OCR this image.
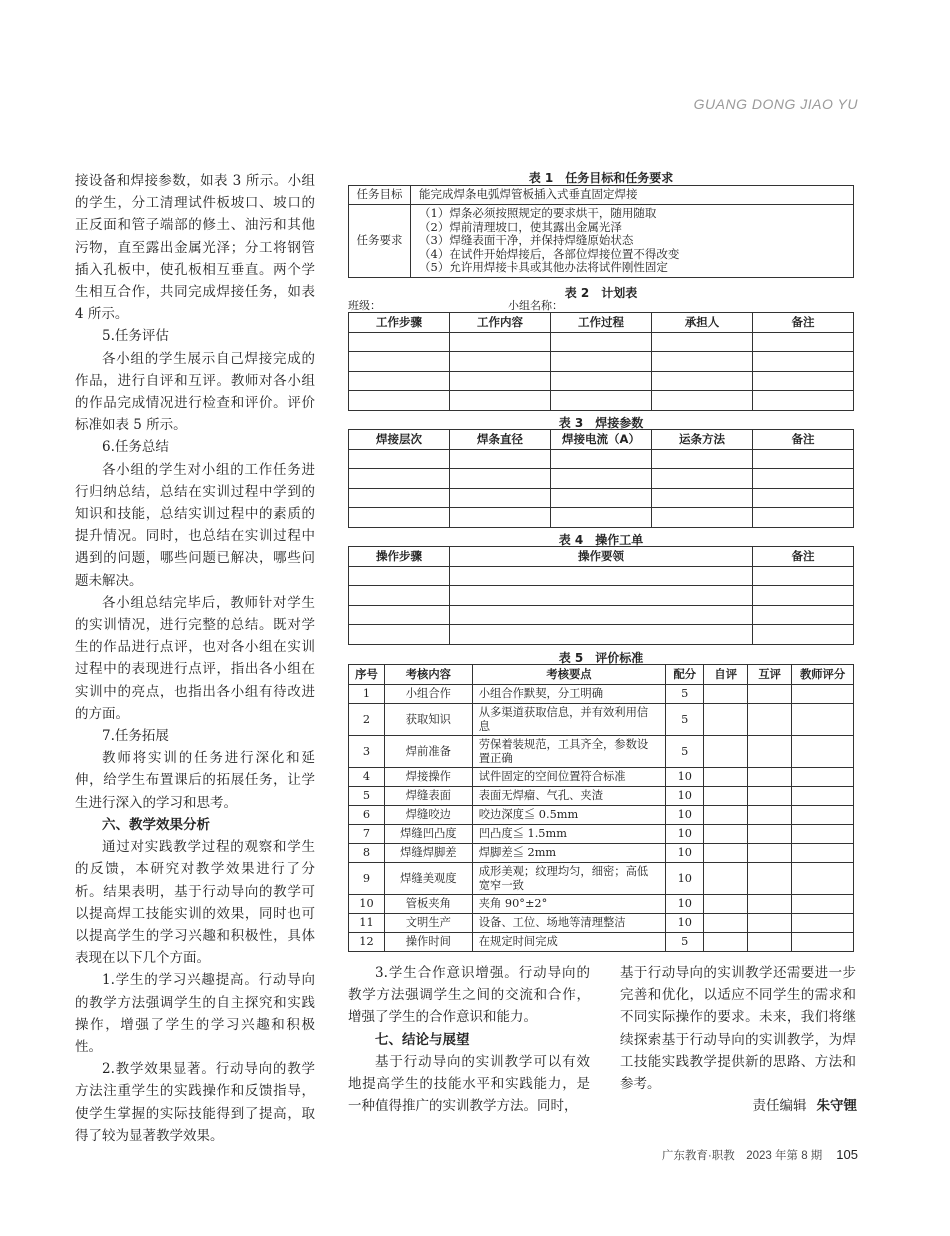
GUANG DONG JIAO YU

接设备和焊接参数，如表 3 所示。小组的学生，分工清理试件板坡口、坡口的正反面和管子端部的修土、油污和其他污物，直至露出金属光泽；分工将钢管插入孔板中，使孔板相互垂直。两个学生相互合作，共同完成焊接任务，如表 4 所示。

5.任务评估

各小组的学生展示自己焊接完成的作品，进行自评和互评。教师对各小组的作品完成情况进行检查和评价。评价标准如表 5 所示。

6.任务总结

各小组的学生对小组的工作任务进行归纳总结，总结在实训过程中学到的知识和技能，总结实训过程中的素质的提升情况。同时，也总结在实训过程中遇到的问题，哪些问题已解决，哪些问题未解决。

各小组总结完毕后，教师针对学生的实训情况，进行完整的总结。既对学生的作品进行点评，也对各小组在实训过程中的表现进行点评，指出各小组在实训中的亮点，也指出各小组有待改进的方面。

7.任务拓展

教师将实训的任务进行深化和延伸，给学生布置课后的拓展任务，让学生进行深入的学习和思考。

六、教学效果分析

通过对实践教学过程的观察和学生的反馈，本研究对教学效果进行了分析。结果表明，基于行动导向的教学可以提高焊工技能实训的效果，同时也可以提高学生的学习兴趣和积极性，具体表现在以下几个方面。

1.学生的学习兴趣提高。行动导向的教学方法强调学生的自主探究和实践操作，增强了学生的学习兴趣和积极性。

2.教学效果显著。行动导向的教学方法注重学生的实践操作和反馈指导，使学生掌握的实际技能得到了提高，取得了较为显著教学效果。

表 1　任务目标和任务要求
任务目标	能完成焊条电弧焊管板插入式垂直固定焊接
任务要求	（1）焊条必须按照规定的要求烘干，随用随取
（2）焊前清理坡口，使其露出金属光泽
（3）焊缝表面干净，并保持焊缝原始状态
（4）在试件开始焊接后，各部位焊接位置不得改变
（5）允许用焊接卡具或其他办法将试件刚性固定
表 2　计划表
班级：	小组名称：
工作步骤	工作内容	工作过程	承担人	备注

表 3　焊接参数
焊接层次	焊条直径	焊接电流（A）	运条方法	备注

表 4　操作工单
操作步骤	操作要领	备注

表 5　评价标准
序号	考核内容	考核要点	配分	自评	互评	教师评分
1	小组合作	小组合作默契，分工明确	5			
2	获取知识	从多渠道获取信息，并有效利用信息	5			
3	焊前准备	劳保着装规范，工具齐全，参数设置正确	5			
4	焊接操作	试件固定的空间位置符合标准	10			
5	焊缝表面	表面无焊瘤、气孔、夹渣	10			
6	焊缝咬边	咬边深度≦ 0.5mm	10			
7	焊缝凹凸度	凹凸度≦ 1.5mm	10			
8	焊缝焊脚差	焊脚差≦ 2mm	10			
9	焊缝美观度	成形美观；纹理均匀，细密；高低宽窄一致	10			
10	管板夹角	夹角 90°±2°	10			
11	文明生产	设备、工位、场地等清理整洁	10			
12	操作时间	在规定时间完成	5			

3.学生合作意识增强。行动导向的教学方法强调学生之间的交流和合作，增强了学生的合作意识和能力。

七、结论与展望

基于行动导向的实训教学可以有效地提高学生的技能水平和实践能力，是一种值得推广的实训教学方法。同时，

基于行动导向的实训教学还需要进一步完善和优化，以适应不同学生的需求和不同实际操作的要求。未来，我们将继续探索基于行动导向的实训教学，为焊工技能实践教学提供新的思路、方法和参考。

责任编辑 朱守锂
广东教育·职教　2023 年第 8 期 105
